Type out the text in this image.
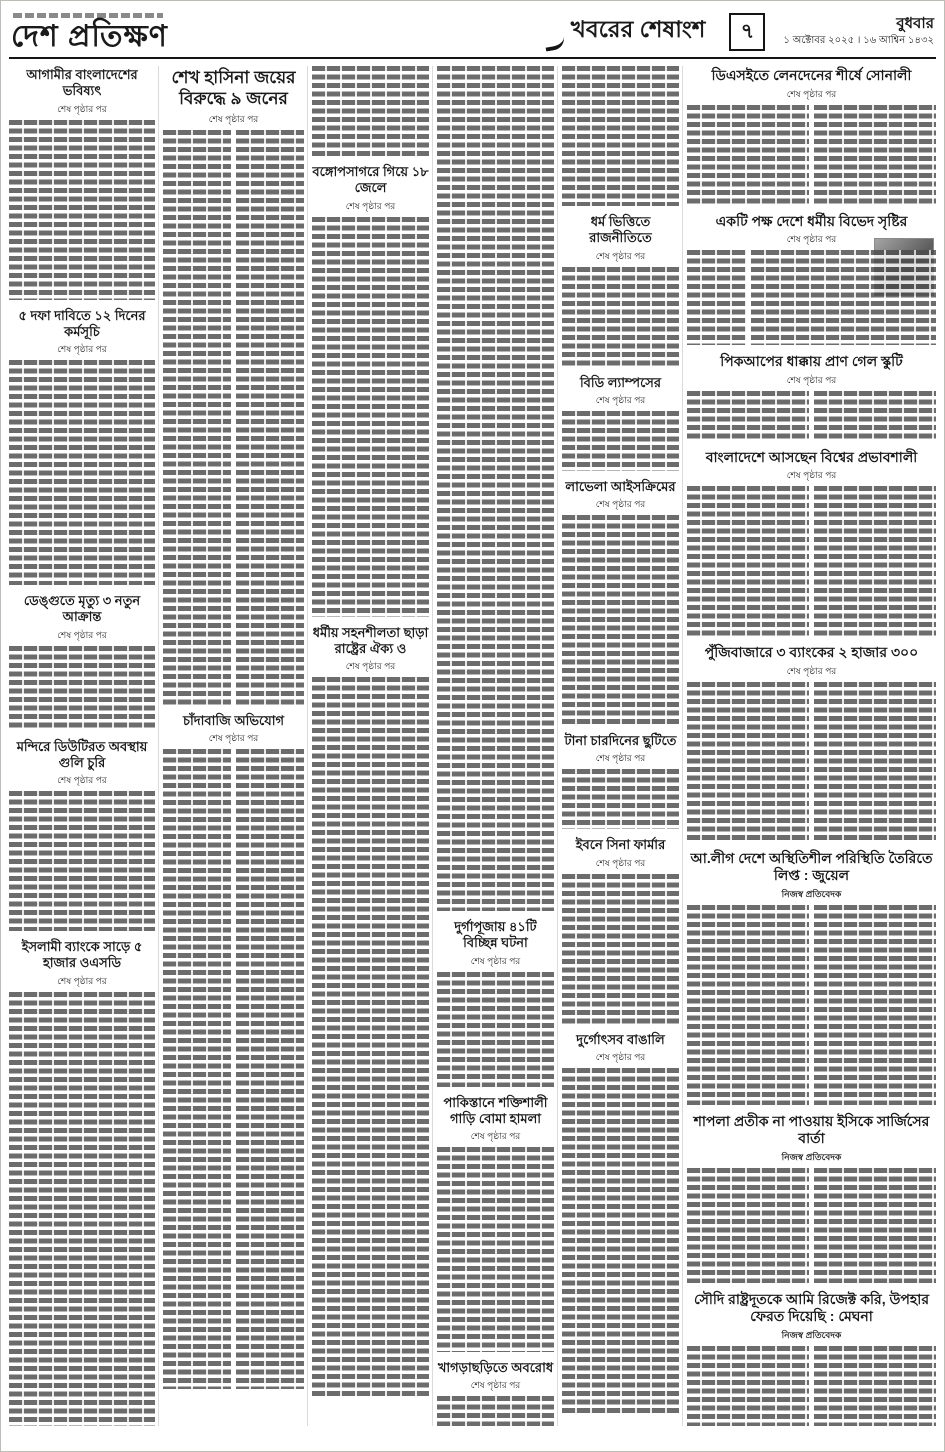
দেশ প্রতিক্ষণ	খবরের শেষাংশ	৭	বুধবার
১ অক্টোবর ২০২৫ । ১৬ আশ্বিন ১৪৩২
আগামীর বাংলাদেশের ভবিষ্যৎ
শেষ পৃষ্ঠার পর
৫ দফা দাবিতে ১২ দিনের কর্মসূচি
শেষ পৃষ্ঠার পর
ডেঙ্গুতে মৃত্যু ৩ নতুন আক্রান্ত
শেষ পৃষ্ঠার পর
মন্দিরে ডিউটিরত অবস্থায় গুলি চুরি
শেষ পৃষ্ঠার পর
ইসলামী ব্যাংকে সাড়ে ৫ হাজার ওএসডি
শেষ পৃষ্ঠার পর
শেখ হাসিনা জয়ের বিরুদ্ধে ৯ জনের
শেষ পৃষ্ঠার পর
চাঁদাবাজি অভিযোগ
শেষ পৃষ্ঠার পর
বঙ্গোপসাগরে গিয়ে ১৮ জেলে
শেষ পৃষ্ঠার পর
ধর্মীয় সহনশীলতা ছাড়া রাষ্ট্রের ঐক্য ও
শেষ পৃষ্ঠার পর
দুর্গাপূজায় ৪১টি বিচ্ছিন্ন ঘটনা
শেষ পৃষ্ঠার পর
পাকিস্তানে শক্তিশালী গাড়ি বোমা হামলা
শেষ পৃষ্ঠার পর
খাগড়াছড়িতে অবরোধ
শেষ পৃষ্ঠার পর
ধর্ম ভিত্তিতে রাজনীতিতে
শেষ পৃষ্ঠার পর
বিডি ল্যাম্পসের
শেষ পৃষ্ঠার পর
লাভেলা আইসক্রিমের
শেষ পৃষ্ঠার পর
টানা চারদিনের ছুটিতে
শেষ পৃষ্ঠার পর
ইবনে সিনা ফার্মার
শেষ পৃষ্ঠার পর
দুর্গোৎসব বাঙালি
শেষ পৃষ্ঠার পর
ডিএসইতে লেনদেনের শীর্ষে সোনালী
শেষ পৃষ্ঠার পর
একটি পক্ষ দেশে ধর্মীয় বিভেদ সৃষ্টির
শেষ পৃষ্ঠার পর
পিকআপের ধাক্কায় প্রাণ গেল স্কুটি
শেষ পৃষ্ঠার পর
বাংলাদেশে আসছেন বিশ্বের প্রভাবশালী
শেষ পৃষ্ঠার পর
পুঁজিবাজারে ৩ ব্যাংকের ২ হাজার ৩০০
শেষ পৃষ্ঠার পর
আ.লীগ দেশে অস্থিতিশীল পরিস্থিতি তৈরিতে লিপ্ত : জুয়েল
নিজস্ব প্রতিবেদক
শাপলা প্রতীক না পাওয়ায় ইসিকে সার্জিসের বার্তা
নিজস্ব প্রতিবেদক
সৌদি রাষ্ট্রদূতকে আমি রিজেক্ট করি, উপহার ফেরত দিয়েছি : মেঘনা
নিজস্ব প্রতিবেদক
